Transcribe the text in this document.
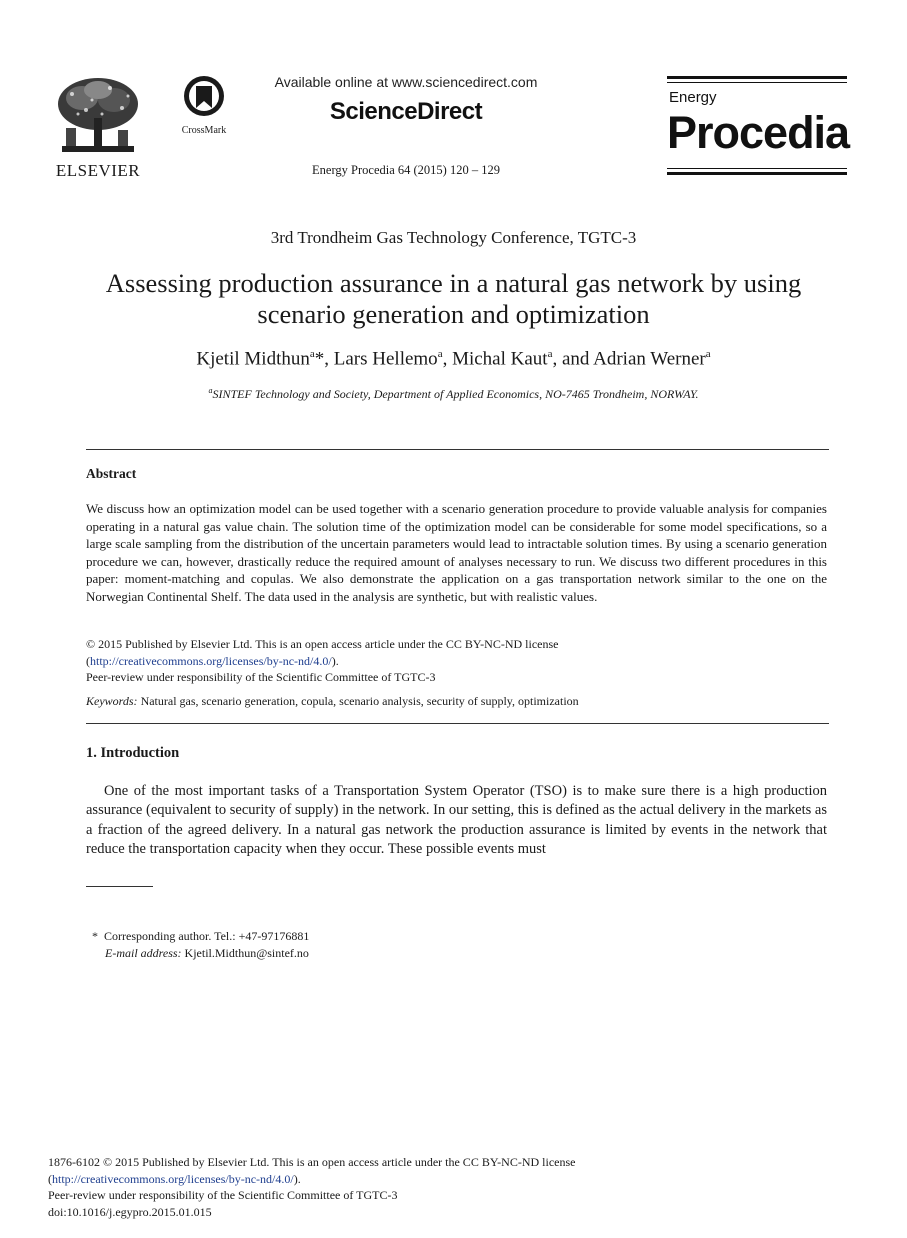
ELSEVIER
CrossMark
Available online at www.sciencedirect.com
ScienceDirect
Energy Procedia 64 (2015) 120 – 129
Energy
Procedia
3rd Trondheim Gas Technology Conference, TGTC-3
Assessing production assurance in a natural gas network by using scenario generation and optimization
Kjetil Midthun$^a$*, Lars Hellemo$^a$, Michal Kaut$^a$, and Adrian Werner$^a$
$^a$SINTEF Technology and Society, Department of Applied Economics, NO-7465 Trondheim, NORWAY.
Abstract
We discuss how an optimization model can be used together with a scenario generation procedure to provide valuable analysis for companies operating in a natural gas value chain. The solution time of the optimization model can be considerable for some model specifications, so a large scale sampling from the distribution of the uncertain parameters would lead to intractable solution times. By using a scenario generation procedure we can, however, drastically reduce the required amount of analyses necessary to run. We discuss two different procedures in this paper: moment-matching and copulas. We also demonstrate the application on a gas transportation network similar to the one on the Norwegian Continental Shelf. The data used in the analysis are synthetic, but with realistic values.
© 2015 Published by Elsevier Ltd. This is an open access article under the CC BY-NC-ND license
(http://creativecommons.org/licenses/by-nc-nd/4.0/).
Peer-review under responsibility of the Scientific Committee of TGTC-3
Keywords: Natural gas, scenario generation, copula, scenario analysis, security of supply, optimization
1. Introduction
One of the most important tasks of a Transportation System Operator (TSO) is to make sure there is a high production assurance (equivalent to security of supply) in the network. In our setting, this is defined as the actual delivery in the markets as a fraction of the agreed delivery. In a natural gas network the production assurance is limited by events in the network that reduce the transportation capacity when they occur. These possible events must
* Corresponding author. Tel.: +47-97176881
E-mail address: Kjetil.Midthun@sintef.no
1876-6102 © 2015 Published by Elsevier Ltd. This is an open access article under the CC BY-NC-ND license
(http://creativecommons.org/licenses/by-nc-nd/4.0/).
Peer-review under responsibility of the Scientific Committee of TGTC-3
doi:10.1016/j.egypro.2015.01.015
